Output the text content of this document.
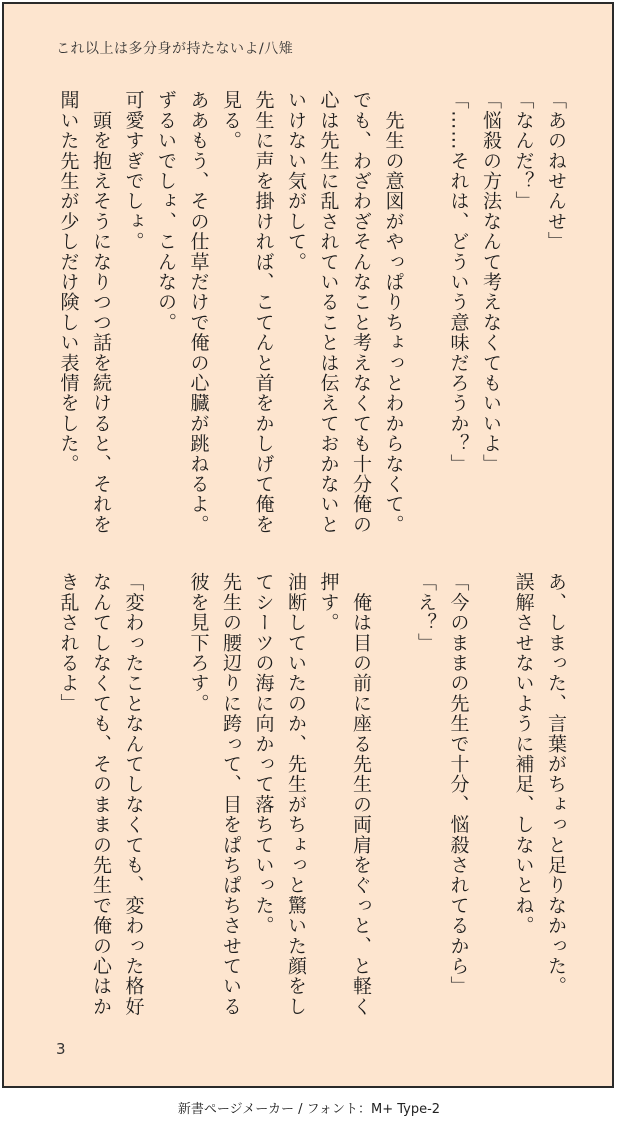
これ以上は多分身が持たないよ/八雉

「あのねせんせ」

「なんだ？」

「悩殺の方法なんて考えなくてもいいよ」

「……それは、どういう意味だろうか？」

　先生の意図がやっぱりちょっとわからなくて。

でも、わざわざそんなこと考えなくても十分俺の

心は先生に乱されていることは伝えておかないと

いけない気がして。

先生に声を掛ければ、こてんと首をかしげて俺を

見る。

ああもう、その仕草だけで俺の心臓が跳ねるよ。

ずるいでしょ、こんなの。

可愛すぎでしょ。

　頭を抱えそうになりつつ話を続けると、それを

聞いた先生が少しだけ険しい表情をした。

あ、しまった、言葉がちょっと足りなかった。

誤解させないように補足、しないとね。

「今のままの先生で十分、悩殺されてるから」

「え？」

　俺は目の前に座る先生の両肩をぐっと、と軽く

押す。

油断していたのか、先生がちょっと驚いた顔をし

てシーツの海に向かって落ちていった。

先生の腰辺りに跨って、目をぱちぱちさせている

彼を見下ろす。

「変わったことなんてしなくても、変わった格好

なんてしなくても、そのままの先生で俺の心はか

き乱されるよ」

3
新書ページメーカー / フォント：M+ Type-2
